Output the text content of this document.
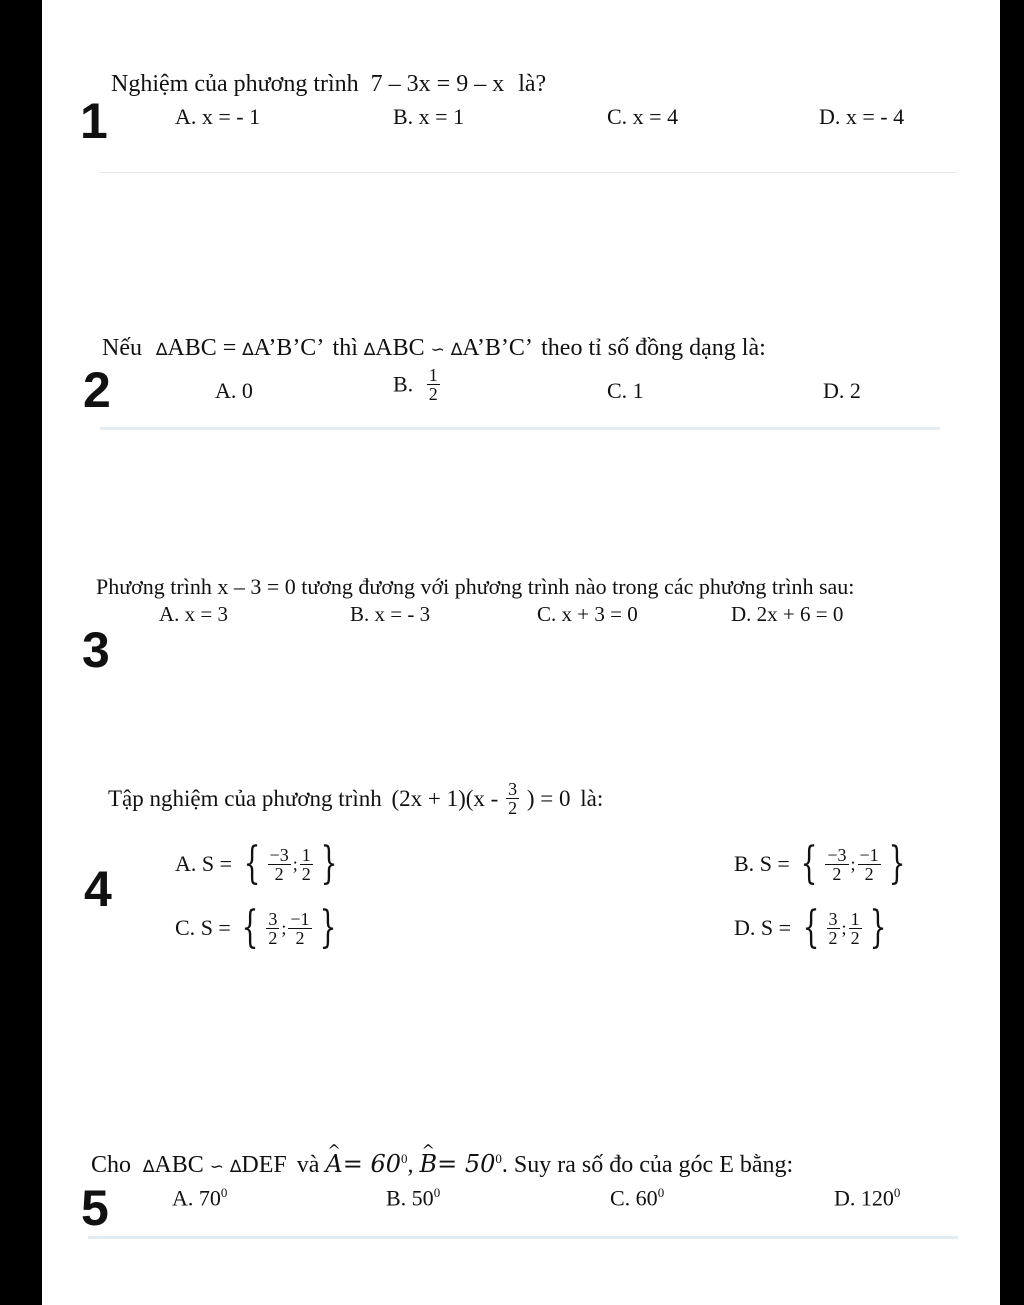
1
Nghiệm của phương trình 7 – 3x = 9 – x là?
A. x = - 1	B. x = 1	C. x = 4	D. x = - 4
2
Nếu ∆ABC = ∆A’B’C’ thì ∆ABC ∽ ∆A’B’C’ theo tỉ số đồng dạng là:
A. 0	B. $\frac{1}{2}$	C. 1	D. 2
3
Phương trình x – 3 = 0 tương đương với phương trình nào trong các phương trình sau:
A. x = 3	B. x = - 3	C. x + 3 = 0	D. 2x + 6 = 0
4
Tập nghiệm của phương trình $(2x + 1)(x - \frac{3}{2}$ ) = 0 là:
A. S = { $\frac{-3}{2}$ ; $\frac{1}{2}$ }	B. S = { $\frac{-3}{2}$ ; $\frac{-1}{2}$ }
C. S = { $\frac{3}{2}$ ; $\frac{-1}{2}$ }	D. S = { $\frac{3}{2}$ ; $\frac{1}{2}$ }
5
Cho ∆ABC ∽ ∆DEF và ^ $A= 60^0$, ^ $B= 50^0$. Suy ra số đo của góc E bằng:
A. $70^0$	B. $50^0$	C. $60^0$	D. $120^0$
